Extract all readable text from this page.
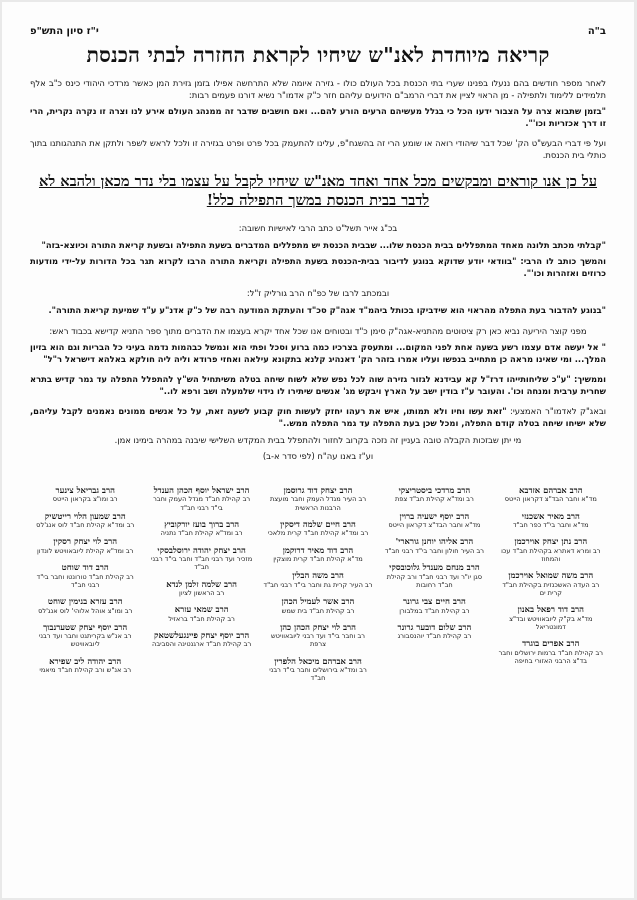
ב"ה
י"ז סיון התש"פ
קריאה מיוחדת לאנ"ש שיחיו לקראת החזרה לבתי הכנסת

לאחר מספר חודשים בהם ננעלו בפנינו שערי בתי הכנסת בכל העולם כולו - גזירה איומה שלא התרחשה אפילו בזמן גזירת המן כאשר מרדכי היהודי כינס כ"ב אלף תלמידים ללימוד ולתפילה - מן הראוי לציין את דברי הרמב"ם הידועים עליהם חזר כ"ק אדמו"ר נשיא דורנו פעמים רבות:

"בזמן שתבוא צרה על הצבור ידעו הכל כי בגלל מעשיהם הרעים הורע להם... ואם חושבים שדבר זה ממנהג העולם אירע לנו וצרה זו נקרה נקרית, הרי זו דרך אכזריות וכו'".

ועל פי דברי הבעש"ט הק' שכל דבר שיהודי רואה או שומע הרי זה בהשגח"פ, עלינו להתעמק בכל פרט ופרט בגזירה זו ולכל לראש לשפר ולתקן את התנהגותנו בתוך כותלי בית הכנסת.

על כן אנו קוראים ומבקשים מכל אחד ואחד מאנ"ש שיחיו לקבל על עצמו בלי נדר מכאן ולהבא לא לדבר בבית הכנסת במשך התפילה כלל!

בכ"ג אייר תשל"ט כתב הרבי לאישיות חשובה:

"קבלתי מכתב תלונה מאחד המתפללים בבית הכנסת שלו... שבבית הכנסת יש מתפללים המדברים בשעת התפילה ובשעת קריאת התורה וכיוצא-בזה"

והמשך כותב לו הרבי: "בוודאי יודע שדוקא בנוגע לדיבור בבית-הכנסת בשעת התפילה וקריאת התורה הרבו לקרוא תגר בכל הדורות על-ידי מודעות כרוזים ואזהרות וכו'".

ובמכתב לרבו של כפ"ח הרב גורליק ז"ל:

"בנוגע להדבור בעת התפלה מהראוי הוא שידביקו בכותל ביהמ"ד אגה"ק סכ"ד והעתקת המודעה רבה של כ"ק אדנ"ע ע"ד שמיעת קריאת התורה".

מפני קוצר היריעה נביא כאן רק ציטוטים מהתניא-אגה"ק סימן כ"ד ובטוחים אנו שכל אחד יקרא בעצמו את הדברים מתוך ספר התניא קדישא בכבוד ראש:

" אל יעשה אדם עצמו רשע בשעה אחת לפני המקום... ומתעסק בצרכיו כמה ברוע וסכל ופתי הוא ונמשל כבהמות נדמה בעיני כל הבריות וגם הוא בזיון המלך... ומי שאינו מראה כן מתחייב בנפשו ועליו אמרו בזהר הק' דאנהיג קלנא בתקונא עילאה ואחזי פרודא וליה ליה חולקא באלהא דישראל ר"ל"

וממשיך: "ע"כ שליחותייהו דרז"ל קא עבידנא לגזור גזירה שוה לכל נפש שלא לשוח שיחה בטלה משיתחיל הש"ץ להתפלל התפלה עד גמר קדיש בתרא שחרית ערבית ומנחה וכו'. והעובר ע"ז בודין ישב על הארץ ויבקש מג' אנשים שיתירו לו נידוי שלמעלה ושב ורפא לו.."

ובאג"ק לאדמו"ר האמצעי: "זאת עשו וחיו ולא תמותו, איש את רעהו יחזק לעשות חוק קבוע לשעה זאת, על כל אנשים ממונים נאמנים לקבל עליהם, שלא ישיחו שיחה בטלה קודם התפלה, ומכל שכן בעת התפלה עד גמר התפלה ממש.."

מי יתן שבזכות הקבלה טובה בעניין זה נזכה בקרוב לחזור ולהתפלל בבית המקדש השלישי שיבנה במהרה בימינו אמן.

וע"ז באנו עה"ח (לפי סדר א-ב)

הרב אברהם אזדבא
מד"א וחבר הבד"צ דקראון הייטס
הרב מאיר אשכנזי
מד"א וחבר בי"ד כפר חב"ד
הרב נתן יצחק אוירכמן
רב ומרא דאתרא בקהילת חב"ד עכו והמחוז
הרב משה שמואל אוירכמן
רב העדה האשכנזית בקהילת חב"ד קרית ים
הרב דוד רפאל באנון
מד"א בק"ק ליובאוויטש ובד"צ דמונטריאל
הרב אפרים בוגרד
רב קהילת חב"ד ברמות ירושלים וחבר בד"צ הרבני האזורי בחיפה
הרב מרדכי ביסטריצקי
רב ומד"א קהילת חב"ד צפת
הרב יוסף ישעיה ברוין
מד"א וחבר הבד"צ דקראון הייטס
הרב אליהו יוחנן גורארי'
רב העיר חולון וחבר בי"ד רבני חב"ד
הרב מנחם מענדל גלוכובסקי
סגן יו"ר ועד רבני חב"ד ורב קהילת חב"ד רחובות
הרב חיים צבי גרונר
רב קהילת חב"ד במלבורן
הרב שלום דובער גרונר
רב קהילת חב"ד יוהנסבורג
הרב יצחק דוד גרוסמן
רב העיר מגדל העמק וחבר מועצת הרבנות הראשית
הרב חיים שלמה דיסקין
רב ומד"א קהילת חב"ד קרית מלאכי
הרב דוד מאיר דרוקמן
מד"א קהילת חב"ד קרית מוצקין
הרב משה הבלין
רב העיר קרית גת וחבר בי"ד רבני חב"ד
הרב אשר לעמיל הכהן
רב קהילת חב"ד בית שמש
הרב לוי יצחק הכהן כהן
רב וחבר בי"ד ועד רבני ליובאוויטש צרפת
הרב אברהם מיכאל הלפרין
רב ומד"א בירושלים וחבר בי"ד רבני חב"ד
הרב ישראל יוסף הכהן הענדל
רב קהילת חב"ד מגדל העמק וחבר בי"ד רבני חב"ד
הרב ברוך בועז יורקוביץ
רב ומד"א קהילת חב"ד נתניה
הרב יצחק יהודה ירוסלבסקי
מזכיר ועד רבני חב"ד וחבר בי"ד רבני חב"ד
הרב שלמה זלמן לנדא
רב הראשון לציון
הרב שמאי עזרא
רב קהילת חב"ד בראזיל
הרב יוסף יצחק פיינגעלשטאק
רב קהילת חב"ד ארגנטינה והסביבה
הרב גבריאל צינער
רב ומו"צ בקראון הייטס
הרב שמעון הלוי רייטשיק
רב ומד"א קהילת חב"ד לוס אנג'לס
הרב לוי יצחק רסקין
רב ומד"א קהילת ליובאוויטש לונדון
הרב דוד שוחט
רב קהילת חב"ד טורונטו וחבר בי"ד רבני חב"ד
הרב עזרא בנימין שוחט
רב ומו"צ אוהל אלוהי' לוס אנג'לס
הרב יוסף יצחק שטערנבוך
רב אנ"ש בקריתגט וחבר ועד רבני ליובאוויטש
הרב יהודה ליב שפירא
רב אנ"ש ורב קהילת חב"ד מיאמי
